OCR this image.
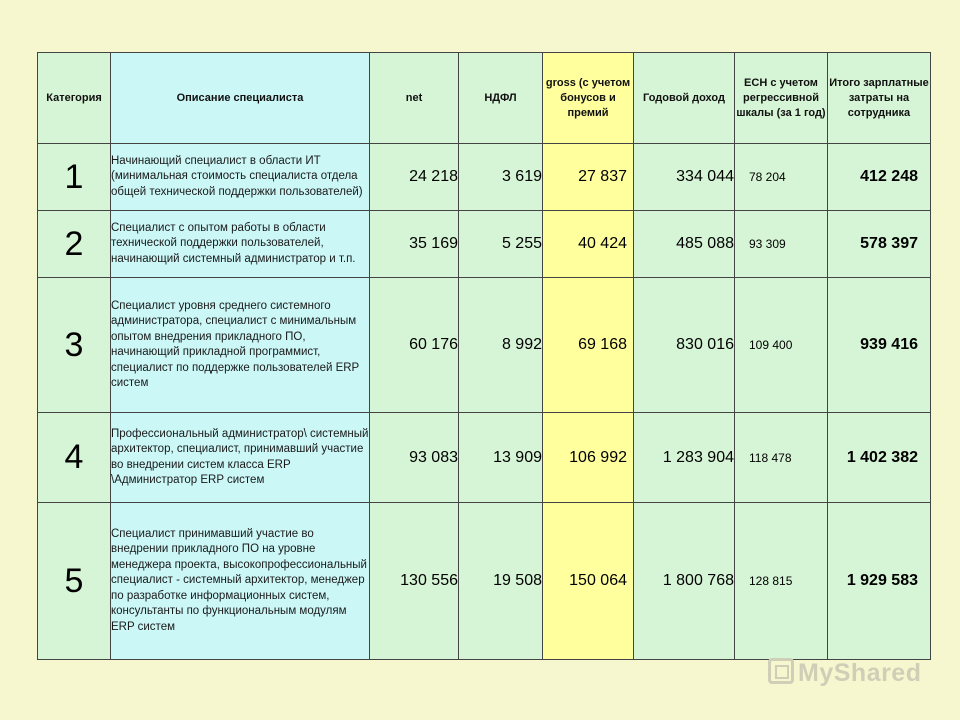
Категория	Описание специалиста	net	НДФЛ	gross (с учетом бонусов и премий	Годовой доход	ЕСН с учетом регрессивной шкалы (за 1 год)	Итого зарплатные затраты на сотрудника
1	Начинающий специалист в области ИТ (минимальная стоимость специалиста отдела общей технической поддержки пользователей)	24 218	3 619	27 837	334 044	78 204	412 248
2	Специалист с опытом работы в области технической поддержки пользователей, начинающий системный администратор и т.п.	35 169	5 255	40 424	485 088	93 309	578 397
3	Специалист уровня среднего системного администратора, специалист с минимальным опытом внедрения прикладного ПО, начинающий прикладной программист, специалист по поддержке пользователей ERP систем	60 176	8 992	69 168	830 016	109 400	939 416
4	Профессиональный администратор\ системный архитектор, специалист, принимавший участие во внедрении систем класса ERP \Администратор ERP систем	93 083	13 909	106 992	1 283 904	118 478	1 402 382
5	Специалист принимавший участие во внедрении прикладного ПО на уровне менеджера проекта, высокопрофессиональный специалист - системный архитектор, менеджер по разработке информационных систем, консультанты по функциональным модулям ERP систем	130 556	19 508	150 064	1 800 768	128 815	1 929 583
MyShared
